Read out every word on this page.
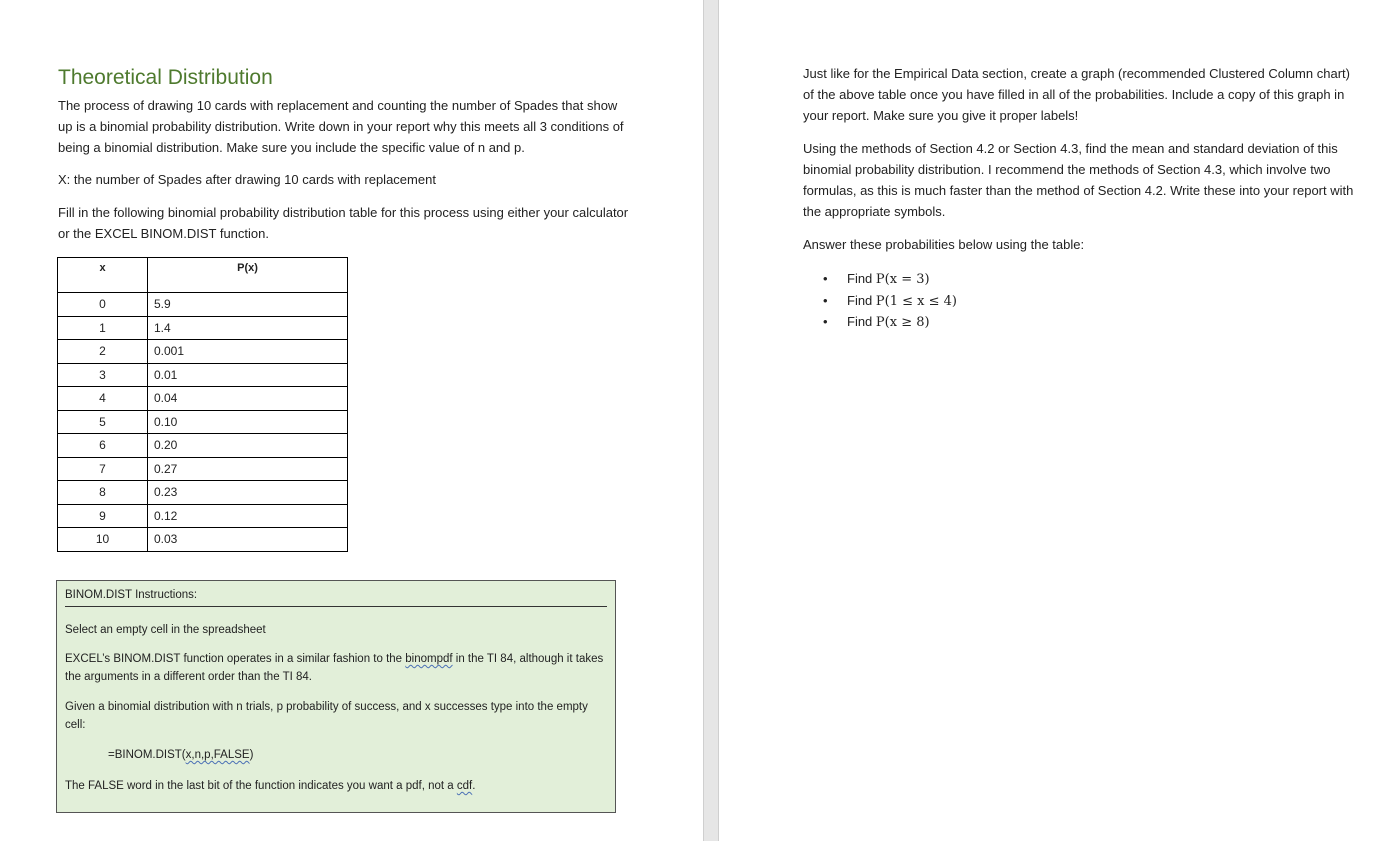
Theoretical Distribution
The process of drawing 10 cards with replacement and counting the number of Spades that show up is a binomial probability distribution. Write down in your report why this meets all 3 conditions of being a binomial distribution. Make sure you include the specific value of n and p.
X: the number of Spades after drawing 10 cards with replacement
Fill in the following binomial probability distribution table for this process using either your calculator or the EXCEL BINOM.DIST function.
x	P(x)
0	5.9
1	1.4
2	0.001
3	0.01
4	0.04
5	0.10
6	0.20
7	0.27
8	0.23
9	0.12
10	0.03
BINOM.DIST Instructions:
Select an empty cell in the spreadsheet
EXCEL’s BINOM.DIST function operates in a similar fashion to the binompdf in the TI 84, although it takes the arguments in a different order than the TI 84.
Given a binomial distribution with n trials, p probability of success, and x successes type into the empty cell:
=BINOM.DIST(x,n,p,FALSE)
The FALSE word in the last bit of the function indicates you want a pdf, not a cdf.
Just like for the Empirical Data section, create a graph (recommended Clustered Column chart) of the above table once you have filled in all of the probabilities. Include a copy of this graph in your report. Make sure you give it proper labels!
Using the methods of Section 4.2 or Section 4.3, find the mean and standard deviation of this binomial probability distribution. I recommend the methods of Section 4.3, which involve two formulas, as this is much faster than the method of Section 4.2. Write these into your report with the appropriate symbols.
Answer these probabilities below using the table:
• Find P(x = 3)
• Find P(1 ≤ x ≤ 4)
• Find P(x ≥ 8)
